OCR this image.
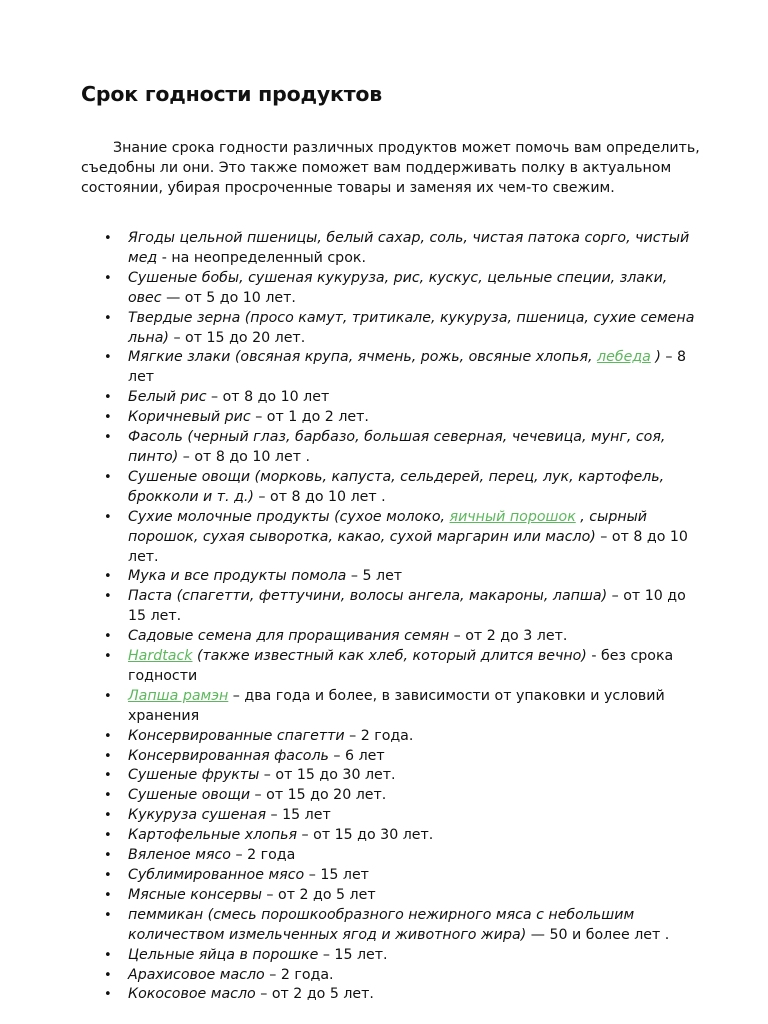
Срок годности продуктов

Знание срока годности различных продуктов может помочь вам определить, съедобны ли они. Это также поможет вам поддерживать полку в актуальном состоянии, убирая просроченные товары и заменяя их чем-то свежим.

• Ягоды цельной пшеницы, белый сахар, соль, чистая патока сорго, чистый мед - на неопределенный срок.
• Сушеные бобы, сушеная кукуруза, рис, кускус, цельные специи, злаки, овес — от 5 до 10 лет.
• Твердые зерна (просо камут, тритикале, кукуруза, пшеница, сухие семена льна) – от 15 до 20 лет.
• Мягкие злаки (овсяная крупа, ячмень, рожь, овсяные хлопья, лебеда ) – 8 лет
• Белый рис – от 8 до 10 лет
• Коричневый рис – от 1 до 2 лет.
• Фасоль (черный глаз, барбазо, большая северная, чечевица, мунг, соя, пинто) – от 8 до 10 лет .
• Сушеные овощи (морковь, капуста, сельдерей, перец, лук, картофель, брокколи и т. д.) – от 8 до 10 лет .
• Сухие молочные продукты (сухое молоко, яичный порошок , сырный порошок, сухая сыворотка, какао, сухой маргарин или масло) – от 8 до 10 лет.
• Мука и все продукты помола – 5 лет
• Паста (спагетти, феттучини, волосы ангела, макароны, лапша) – от 10 до 15 лет.
• Садовые семена для проращивания семян – от 2 до 3 лет.
• Hardtack (также известный как хлеб, который длится вечно) - без срока годности
• Лапша рамэн – два года и более, в зависимости от упаковки и условий хранения
• Консервированные спагетти – 2 года.
• Консервированная фасоль – 6 лет
• Сушеные фрукты – от 15 до 30 лет.
• Сушеные овощи – от 15 до 20 лет.
• Кукуруза сушеная – 15 лет
• Картофельные хлопья – от 15 до 30 лет.
• Вяленое мясо – 2 года
• Сублимированное мясо – 15 лет
• Мясные консервы – от 2 до 5 лет
• пеммикан (смесь порошкообразного нежирного мяса с небольшим количеством измельченных ягод и животного жира) — 50 и более лет .
• Цельные яйца в порошке – 15 лет.
• Арахисовое масло – 2 года.
• Кокосовое масло – от 2 до 5 лет.
